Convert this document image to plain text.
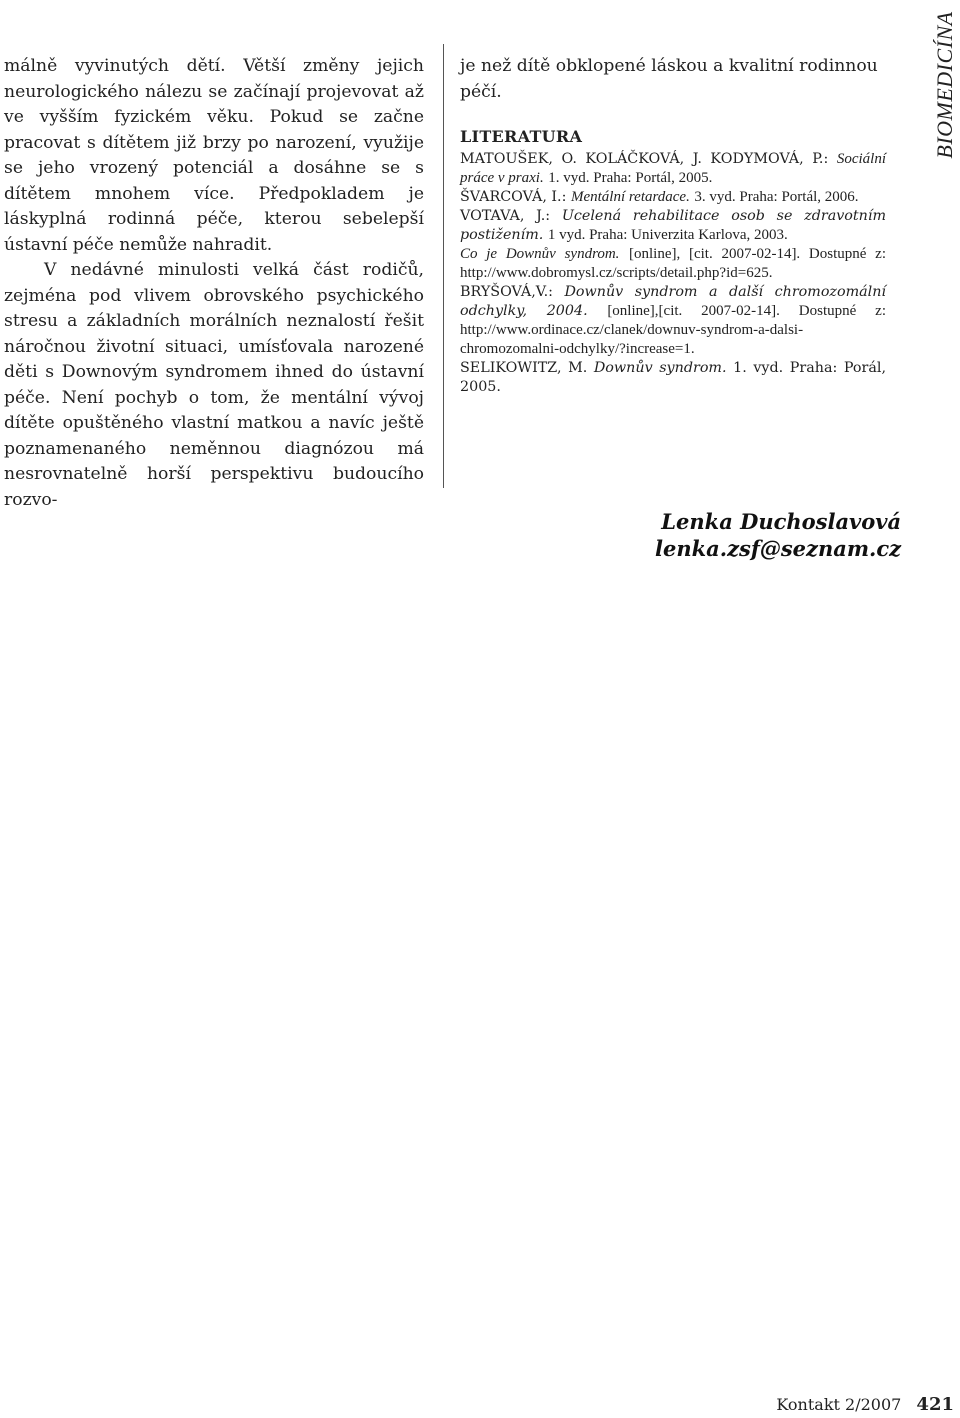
BIOMEDICÍNA

málně vyvinutých dětí. Větší změny jejich neurologického nálezu se začínají projevovat až ve vyšším fyzickém věku. Pokud se začne pracovat s dítětem již brzy po narození, využije se jeho vrozený potenciál a dosáhne se s dítětem mnohem více. Předpokladem je láskyplná rodinná péče, kterou sebelepší ústavní péče nemůže nahradit.

V nedávné minulosti velká část rodičů, zejména pod vlivem obrovského psychického stresu a základních morálních neznalostí řešit náročnou životní situaci, umísťovala narozené děti s Downovým syndromem ihned do ústavní péče. Není pochyb o tom, že mentální vývoj dítěte opuštěného vlastní matkou a navíc ještě poznamenaného neměnnou diagnózou má nesrovnatelně horší perspektivu budoucího rozvo-

je než dítě obklopené láskou a kvalitní rodinnou péčí.

LITERATURA

MATOUŠEK, O. KOLÁČKOVÁ, J. KODYMOVÁ, P.: Sociální práce v praxi. 1. vyd. Praha: Portál, 2005.

ŠVARCOVÁ, I.: Mentální retardace. 3. vyd. Praha: Portál, 2006.

VOTAVA, J.: Ucelená rehabilitace osob se zdravotním postižením. 1 vyd. Praha: Univerzita Karlova, 2003.

Co je Downův syndrom. [online], [cit. 2007-02-14]. Dostupné z: http://www.dobromysl.cz/scripts/detail.php?id=625.

BRYŠOVÁ,V.: Downův syndrom a další chromozomální odchylky, 2004. [online],[cit. 2007-02-14]. Dostupné z: http://www.ordinace.cz/clanek/downuv-syndrom-a-dalsi-chromozomalni-odchylky/?increase=1.

SELIKOWITZ, M. Downův syndrom. 1. vyd. Praha: Porál, 2005.

Lenka Duchoslavová
lenka.zsf@seznam.cz
Kontakt 2/2007 421
